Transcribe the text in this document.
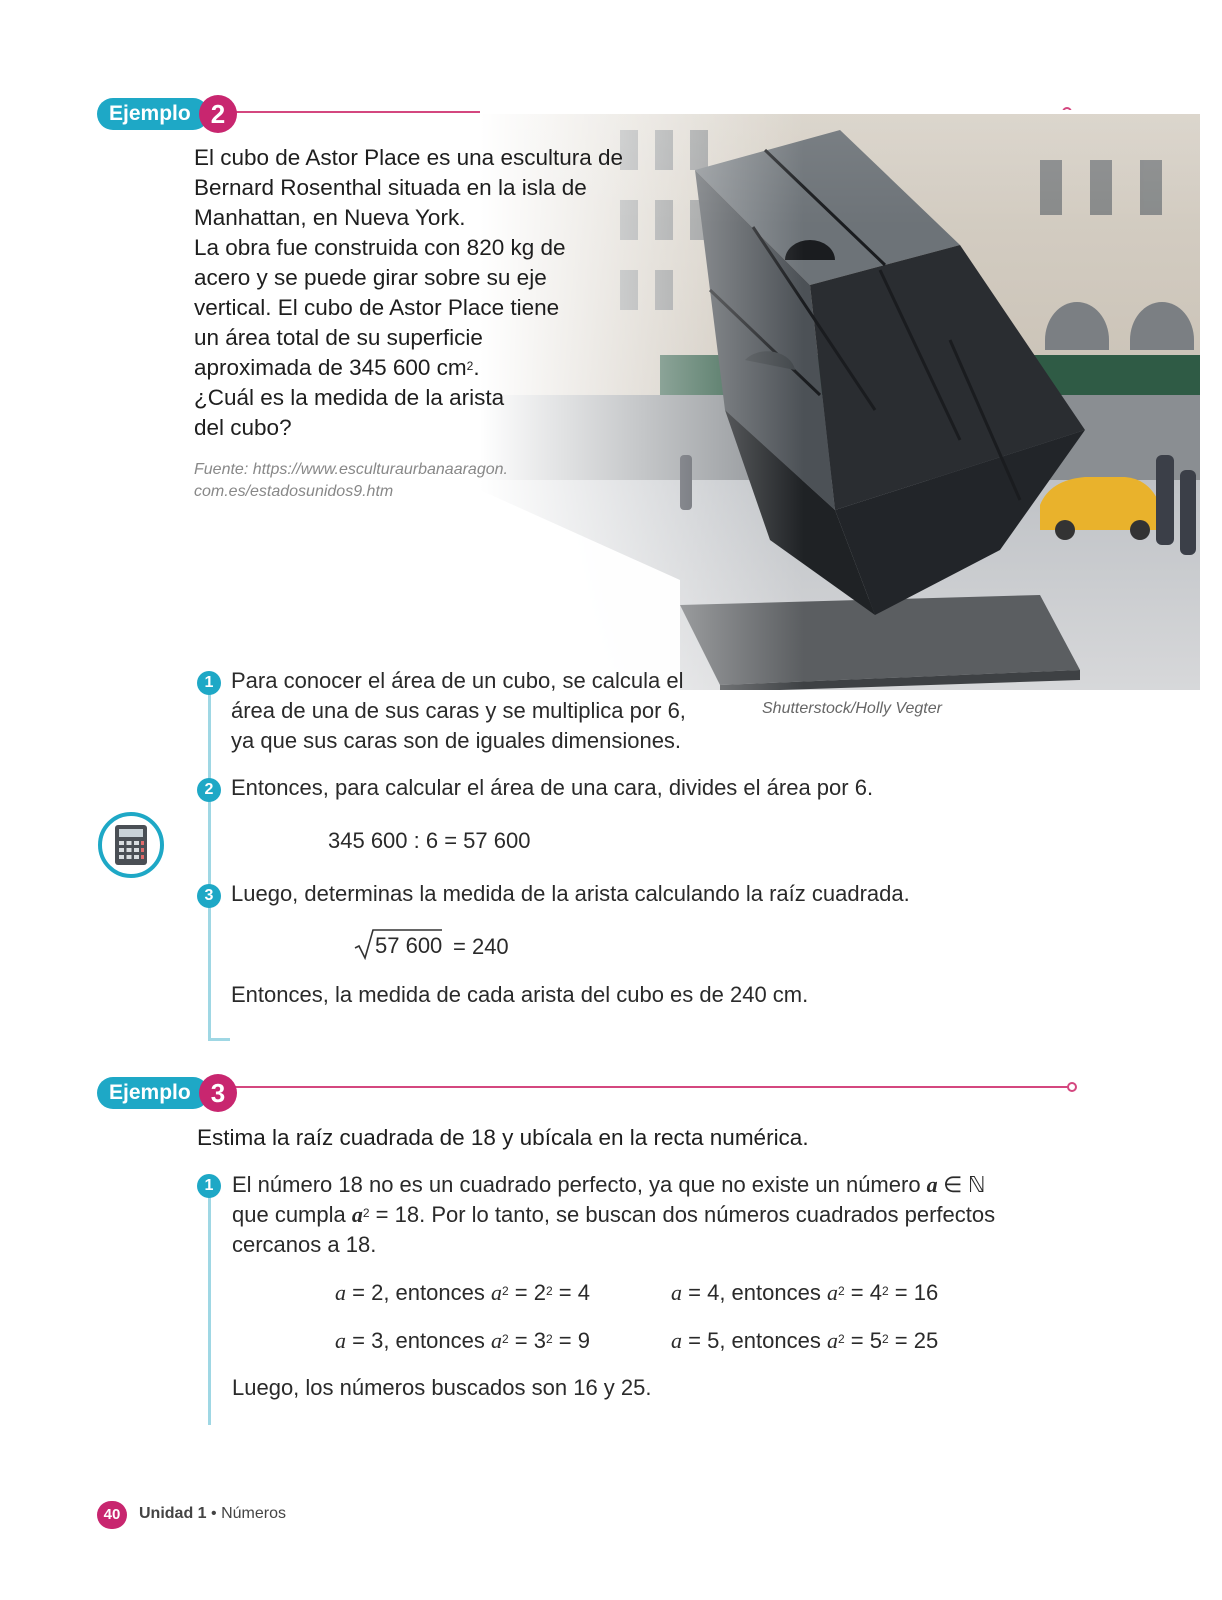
Ejemplo 2
El cubo de Astor Place es una escultura de
Bernard Rosenthal situada en la isla de
Manhattan, en Nueva York.
La obra fue construida con 820 kg de
acero y se puede girar sobre su eje
vertical. El cubo de Astor Place tiene
un área total de su superficie
aproximada de 345 600 $cm^2$.
¿Cuál es la medida de la arista
del cubo?
Fuente: https://www.esculturaurbanaaragon.
com.es/estadosunidos9.htm
Shutterstock/Holly Vegter
1 Para conocer el área de un cubo, se calcula el
área de una de sus caras y se multiplica por 6,
ya que sus caras son de iguales dimensiones.
2 Entonces, para calcular el área de una cara, divides el área por 6.
345 600 : 6 = 57 600
3 Luego, determinas la medida de la arista calculando la raíz cuadrada.
57 600 = 240
Entonces, la medida de cada arista del cubo es de 240 cm.
Ejemplo 3
Estima la raíz cuadrada de 18 y ubícala en la recta numérica.
1 El número 18 no es un cuadrado perfecto, ya que no existe un número a ∈ ℕ
que cumpla $a^2 = 18$. Por lo tanto, se buscan dos números cuadrados perfectos
cercanos a 18.
a = 2, entonces $a^2 = 2^2 = 4$	a = 4, entonces $a^2 = 4^2 = 16$
a = 3, entonces $a^2 = 3^2 = 9$	a = 5, entonces $a^2 = 5^2 = 25$
Luego, los números buscados son 16 y 25.
40	Unidad 1 • Números
